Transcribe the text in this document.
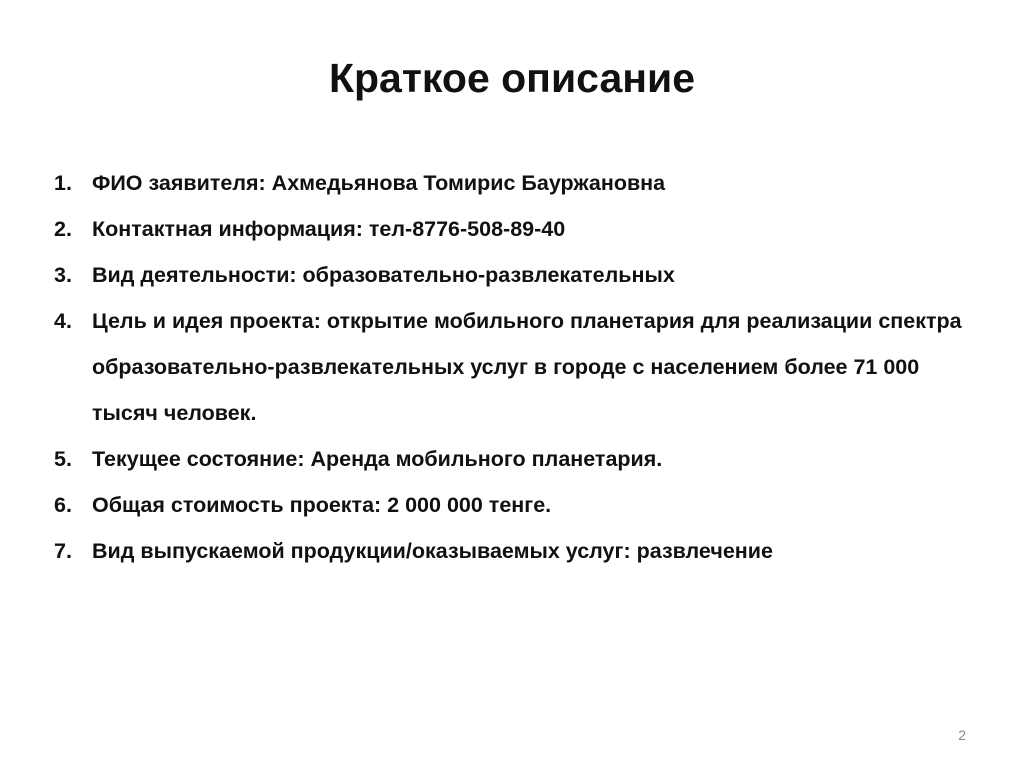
Краткое описание
1. ФИО заявителя: Ахмедьянова Томирис Бауржановна
2. Контактная информация: тел-8776-508-89-40
3. Вид деятельности: образовательно-развлекательных
4. Цель и идея проекта: открытие мобильного планетария для реализации спектра образовательно-развлекательных услуг в городе с населением более 71 000 тысяч человек.
5. Текущее состояние: Аренда мобильного планетария.
6. Общая стоимость проекта: 2 000 000 тенге.
7. Вид выпускаемой продукции/оказываемых услуг: развлечение
2
